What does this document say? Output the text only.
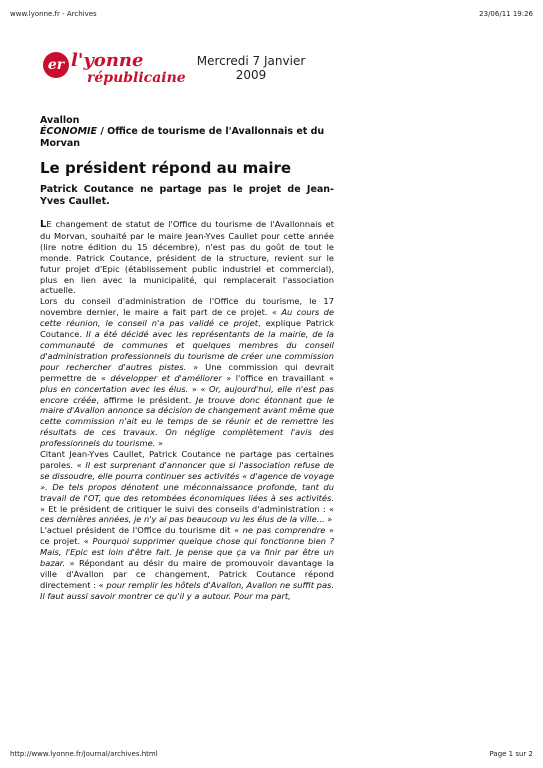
www.lyonne.fr - Archives	23/06/11 19:26
er l'yonne
républicaine
Mercredi 7 Janvier
2009
Avallon
ÉCONOMIE / Office de tourisme de l'Avallonnais et du Morvan
Le président répond au maire

Patrick Coutance ne partage pas le projet de Jean-Yves Caullet.

LE changement de statut de l'Office du tourisme de l'Avallonnais et du Morvan, souhaité par le maire Jean-Yves Caullet pour cette année (lire notre édition du 15 décembre), n'est pas du goût de tout le monde. Patrick Coutance, président de la structure, revient sur le futur projet d'Epic (établissement public industriel et commercial), plus en lien avec la municipalité, qui remplacerait l'association actuelle.

Lors du conseil d'administration de l'Office du tourisme, le 17 novembre dernier, le maire a fait part de ce projet. « Au cours de cette réunion, le conseil n'a pas validé ce projet, explique Patrick Coutance. Il a été décidé avec les représentants de la mairie, de la communauté de communes et quelques membres du conseil d'administration professionnels du tourisme de créer une commission pour rechercher d'autres pistes. » Une commission qui devrait permettre de « développer et d'améliorer » l'office en travaillant « plus en concertation avec les élus. » « Or, aujourd'hui, elle n'est pas encore créée, affirme le président. Je trouve donc étonnant que le maire d'Avallon annonce sa décision de changement avant même que cette commission n'ait eu le temps de se réunir et de remettre les résultats de ces travaux. On néglige complètement l'avis des professionnels du tourisme. »

Citant Jean-Yves Caullet, Patrick Coutance ne partage pas certaines paroles. « Il est surprenant d'annoncer que si l'association refuse de se dissoudre, elle pourra continuer ses activités « d'agence de voyage ». De tels propos dénotent une méconnaissance profonde, tant du travail de l'OT, que des retombées économiques liées à ses activités. » Et le président de critiquer le suivi des conseils d'administration : « ces dernières années, je n'y ai pas beaucoup vu les élus de la ville... »

L'actuel président de l'Office du tourisme dit « ne pas comprendre » ce projet. « Pourquoi supprimer quelque chose qui fonctionne bien ? Mais, l'Epic est loin d'être fait. Je pense que ça va finir par être un bazar. » Répondant au désir du maire de promouvoir davantage la ville d'Avallon par ce changement, Patrick Coutance répond directement : « pour remplir les hôtels d'Avallon, Avallon ne suffit pas. Il faut aussi savoir montrer ce qu'il y a autour. Pour ma part,

http://www.lyonne.fr/journal/archives.html	Page 1 sur 2
